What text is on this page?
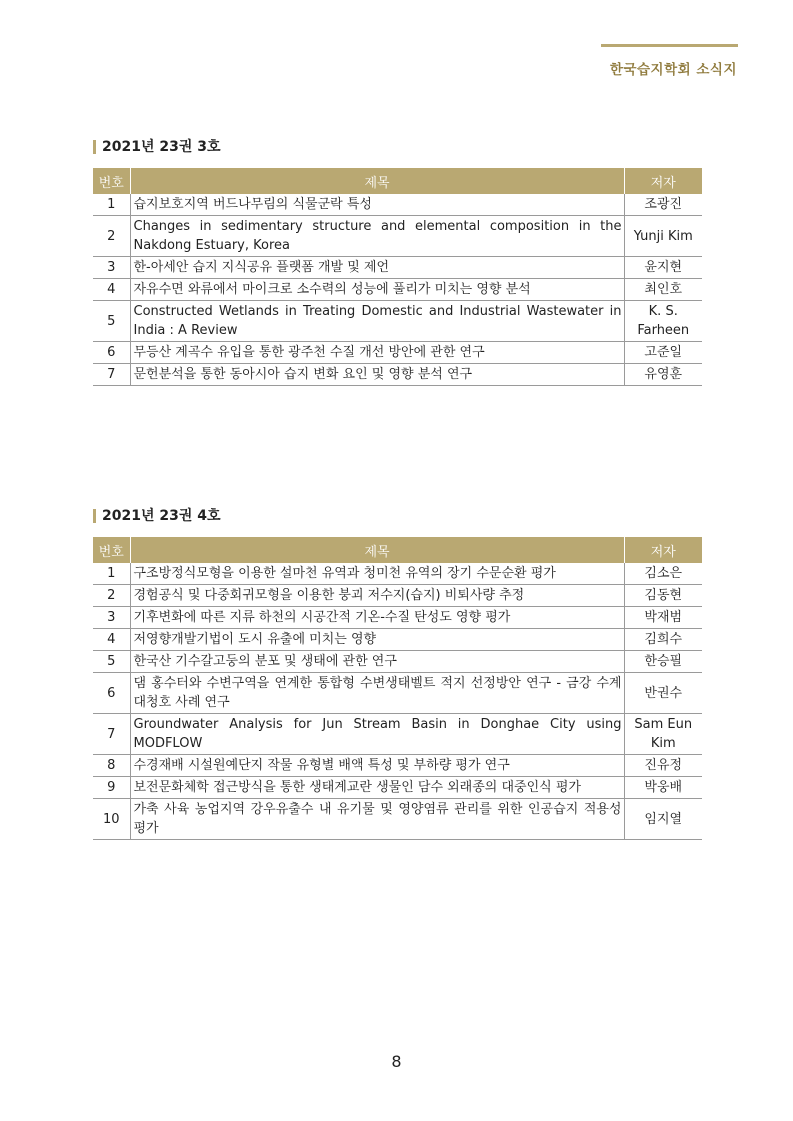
한국습지학회 소식지
2021년 23권 3호
번호	제목	저자
1	습지보호지역 버드나무림의 식물군락 특성	조광진
2	Changes in sedimentary structure and elemental composition in the Nakdong Estuary, Korea	Yunji Kim
3	한-아세안 습지 지식공유 플랫폼 개발 및 제언	윤지현
4	자유수면 와류에서 마이크로 소수력의 성능에 풀리가 미치는 영향 분석	최인호
5	Constructed Wetlands in Treating Domestic and Industrial Wastewater in India : A Review	K. S. Farheen
6	무등산 계곡수 유입을 통한 광주천 수질 개선 방안에 관한 연구	고준일
7	문헌분석을 통한 동아시아 습지 변화 요인 및 영향 분석 연구	유영훈
2021년 23권 4호
번호	제목	저자
1	구조방정식모형을 이용한 설마천 유역과 청미천 유역의 장기 수문순환 평가	김소은
2	경험공식 및 다중회귀모형을 이용한 붕괴 저수지(습지) 비퇴사량 추정	김동현
3	기후변화에 따른 지류 하천의 시공간적 기온-수질 탄성도 영향 평가	박재범
4	저영향개발기법이 도시 유출에 미치는 영향	김희수
5	한국산 기수갈고둥의 분포 및 생태에 관한 연구	한승필
6	댐 홍수터와 수변구역을 연계한 통합형 수변생태벨트 적지 선정방안 연구 - 금강 수계 대청호 사례 연구	반권수
7	Groundwater Analysis for Jun Stream Basin in Donghae City using MODFLOW	Sam Eun Kim
8	수경재배 시설원예단지 작물 유형별 배액 특성 및 부하량 평가 연구	진유정
9	보전문화체학 접근방식을 통한 생태계교란 생물인 담수 외래종의 대중인식 평가	박웅배
10	가축 사육 농업지역 강우유출수 내 유기물 및 영양염류 관리를 위한 인공습지 적용성 평가	임지열
8
